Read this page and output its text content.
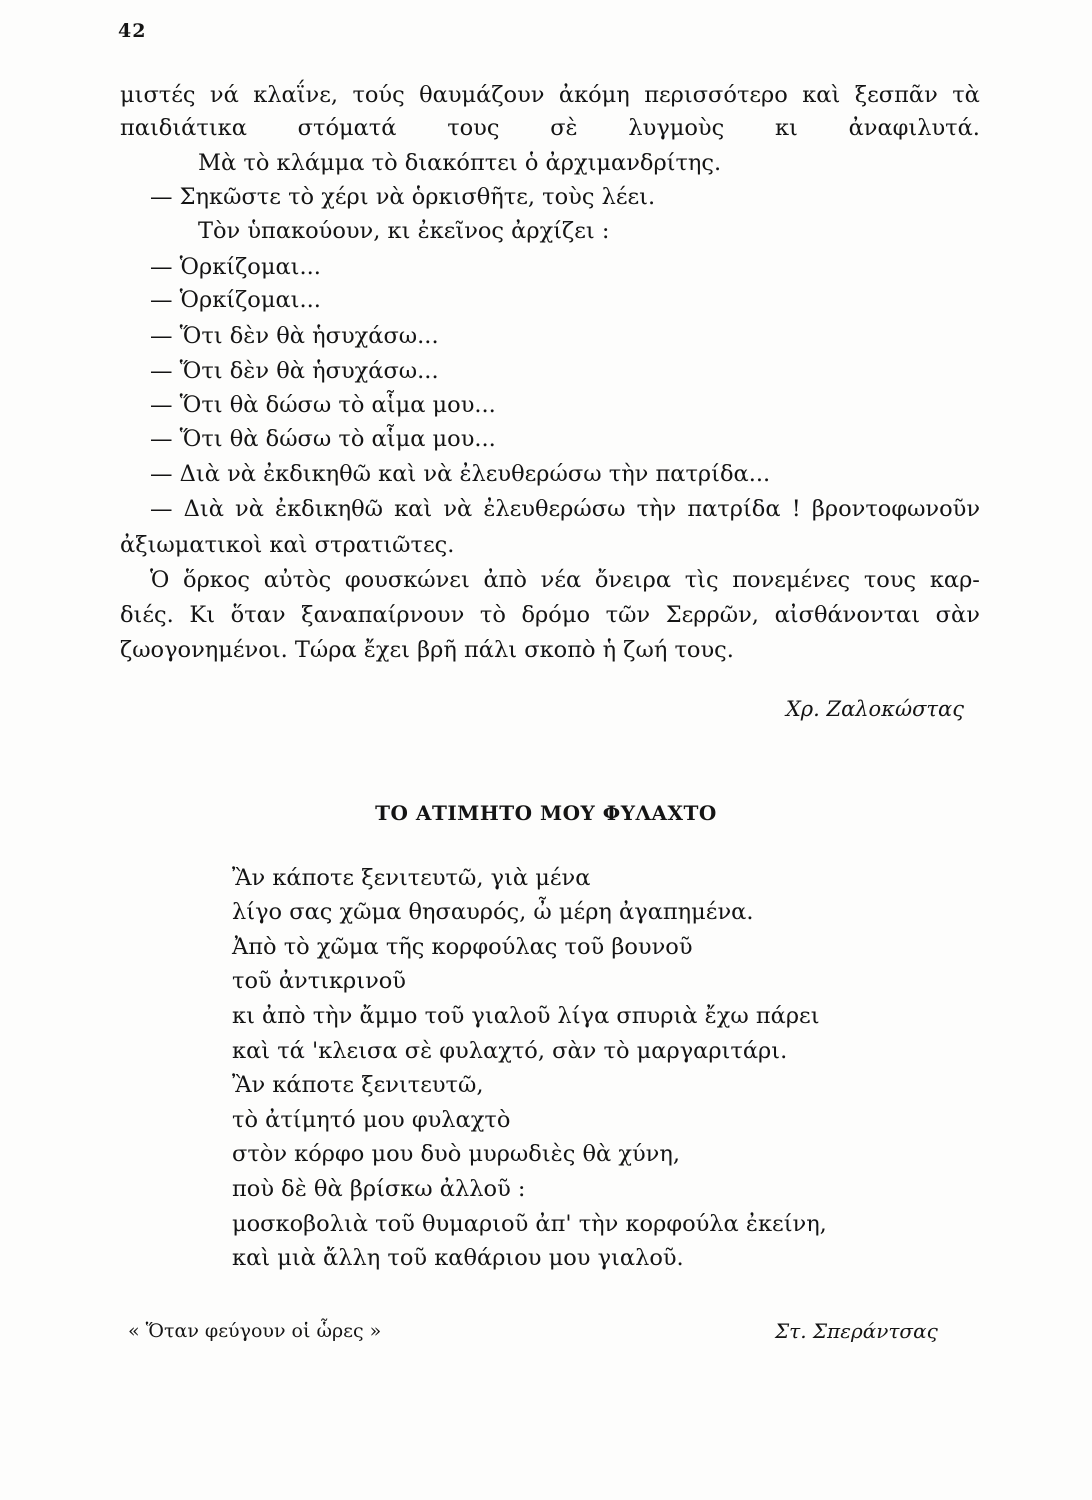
42
μιστές νά κλαΐνε, τούς θαυμάζουν ἀκόμη περισσότερο καὶ ξεσπᾶν τὰ
παιδιάτικα στόματά τους σὲ λυγμοὺς κι ἀναφιλυτά.
Μὰ τὸ κλάμμα τὸ διακόπτει ὁ ἀρχιμανδρίτης.
— Σηκῶστε τὸ χέρι νὰ ὁρκισθῆτε, τοὺς λέει.
Τὸν ὑπακούουν, κι ἐκεῖνος ἀρχίζει :
— Ὁρκίζομαι...
— Ὁρκίζομαι...
— Ὅτι δὲν θὰ ἡσυχάσω...
— Ὅτι δὲν θὰ ἡσυχάσω...
— Ὅτι θὰ δώσω τὸ αἷμα μου...
— Ὅτι θὰ δώσω τὸ αἷμα μου...
— Διὰ νὰ ἐκδικηθῶ καὶ νὰ ἐλευθερώσω τὴν πατρίδα...
— Διὰ νὰ ἐκδικηθῶ καὶ νὰ ἐλευθερώσω τὴν πατρίδα ! βροντοφωνοῦν
ἀξιωματικοὶ καὶ στρατιῶτες.
Ὁ ὅρκος αὐτὸς φουσκώνει ἀπὸ νέα ὄνειρα τὶς πονεμένες τους καρ-
διές. Κι ὅταν ξαναπαίρνουν τὸ δρόμο τῶν Σερρῶν, αἰσθάνονται σὰν
ζωογονημένοι. Τώρα ἔχει βρῆ πάλι σκοπὸ ἡ ζωή τους.
Χρ. Ζαλοκώστας
ΤΟ ΑΤΙΜΗΤΟ ΜΟΥ ΦΥΛΑΧΤΟ
Ἂν κάποτε ξενιτευτῶ, γιὰ μένα
λίγο σας χῶμα θησαυρός, ὦ μέρη ἀγαπημένα.
Ἀπὸ τὸ χῶμα τῆς κορφούλας τοῦ βουνοῦ
τοῦ ἀντικρινοῦ
κι ἀπὸ τὴν ἄμμο τοῦ γιαλοῦ λίγα σπυριὰ ἔχω πάρει
καὶ τά 'κλεισα σὲ φυλαχτό, σὰν τὸ μαργαριτάρι.
Ἂν κάποτε ξενιτευτῶ,
τὸ ἀτίμητό μου φυλαχτὸ
στὸν κόρφο μου δυὸ μυρωδιὲς θὰ χύνη,
ποὺ δὲ θὰ βρίσκω ἀλλοῦ :
μοσκοβολιὰ τοῦ θυμαριοῦ ἀπ' τὴν κορφούλα ἐκείνη,
καὶ μιὰ ἄλλη τοῦ καθάριου μου γιαλοῦ.
« Ὅταν φεύγουν οἱ ὧρες »	Στ. Σπεράντσας
